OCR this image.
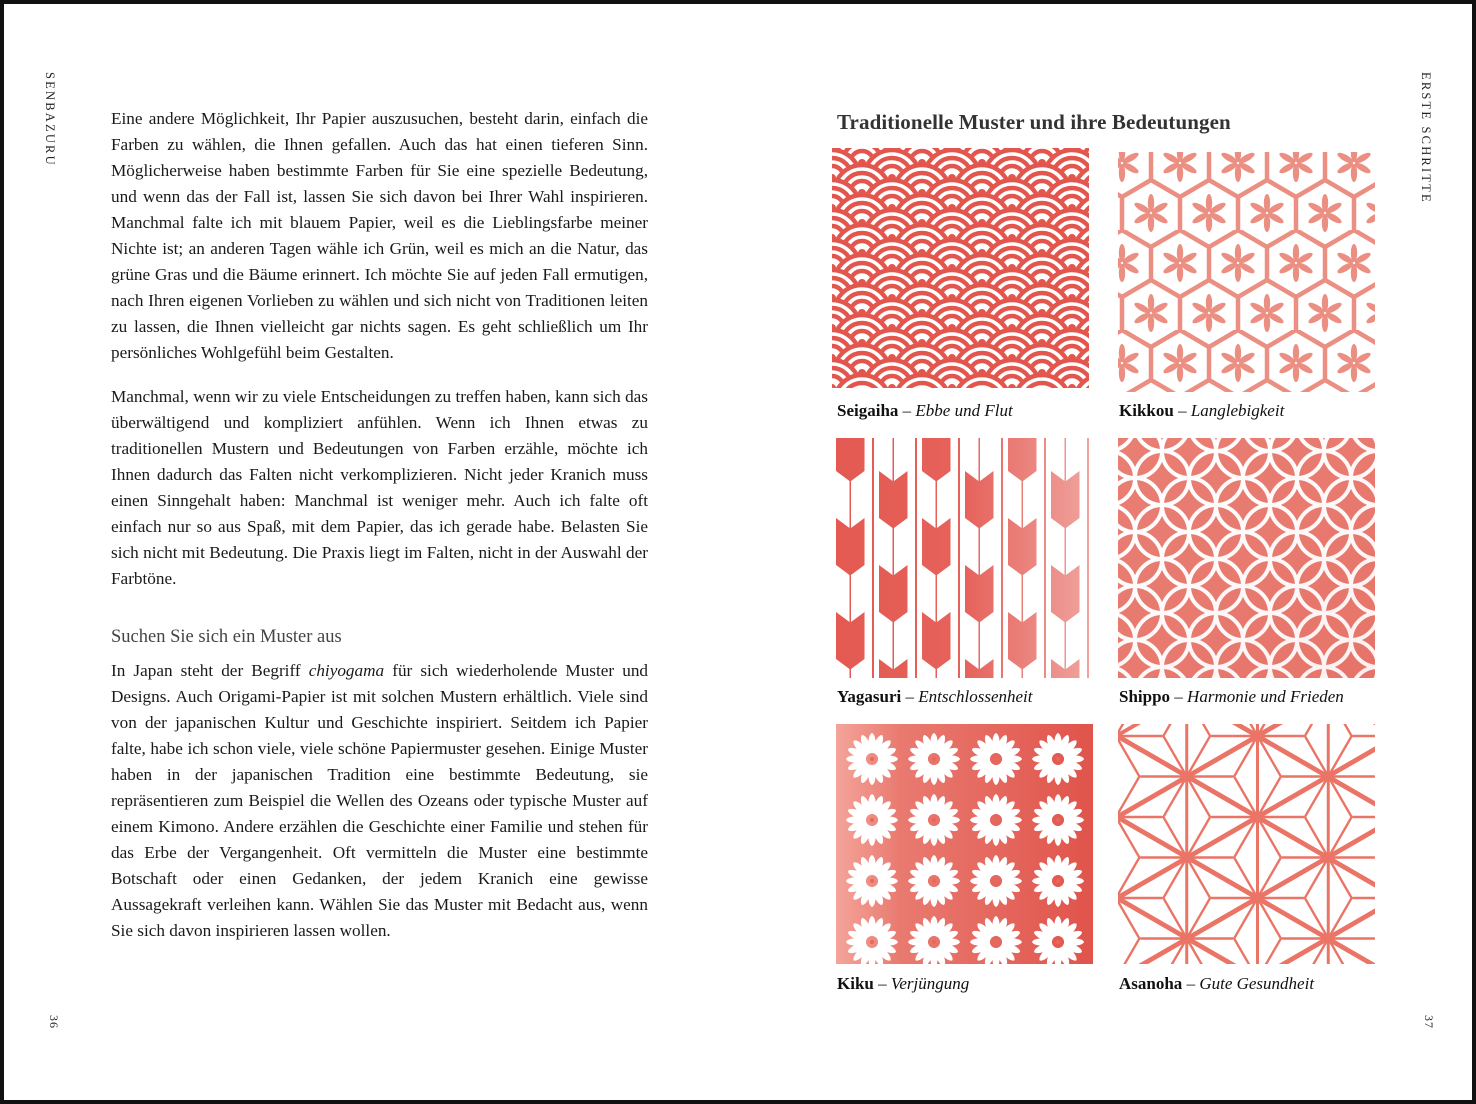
SENBAZURU
36

Eine andere Möglichkeit, Ihr Papier auszusuchen, besteht darin, einfach die Farben zu wählen, die Ihnen gefallen. Auch das hat einen tieferen Sinn. Möglicherweise haben bestimmte Farben für Sie eine spezielle Bedeutung, und wenn das der Fall ist, lassen Sie sich davon bei Ihrer Wahl inspirieren. Manchmal falte ich mit blauem Papier, weil es die Lieblingsfarbe meiner Nichte ist; an anderen Tagen wähle ich Grün, weil es mich an die Natur, das grüne Gras und die Bäume erinnert. Ich möchte Sie auf jeden Fall ermutigen, nach Ihren eigenen Vorlieben zu wählen und sich nicht von Traditionen leiten zu lassen, die Ihnen vielleicht gar nichts sagen. Es geht schließlich um Ihr persönliches Wohlgefühl beim Gestalten.

Manchmal, wenn wir zu viele Entscheidungen zu treffen haben, kann sich das überwältigend und kompliziert anfühlen. Wenn ich Ihnen etwas zu traditionellen Mustern und Bedeutungen von Farben erzähle, möchte ich Ihnen dadurch das Falten nicht verkomplizieren. Nicht jeder Kranich muss einen Sinngehalt haben: Manchmal ist weniger mehr. Auch ich falte oft einfach nur so aus Spaß, mit dem Papier, das ich gerade habe. Belasten Sie sich nicht mit Bedeutung. Die Praxis liegt im Falten, nicht in der Auswahl der Farbtöne.

Suchen Sie sich ein Muster aus

In Japan steht der Begriff chiyogama für sich wiederholende Muster und Designs. Auch Origami-Papier ist mit solchen Mustern erhältlich. Viele sind von der japanischen Kultur und Geschichte inspiriert. Seitdem ich Papier falte, habe ich schon viele, viele schöne Papiermuster gesehen. Einige Muster haben in der japanischen Tradition eine bestimmte Bedeutung, sie repräsentieren zum Beispiel die Wellen des Ozeans oder typische Muster auf einem Kimono. Andere erzählen die Geschichte einer Familie und stehen für das Erbe der Vergangenheit. Oft vermitteln die Muster eine bestimmte Botschaft oder einen Gedanken, der jedem Kranich eine gewisse Aussagekraft verleihen kann. Wählen Sie das Muster mit Bedacht aus, wenn Sie sich davon inspirieren lassen wollen.

ERSTE SCHRITTE
37
Traditionelle Muster und ihre Bedeutungen
Seigaiha – Ebbe und Flut	Kikkou – Langlebigkeit
Yagasuri – Entschlossenheit	Shippo – Harmonie und Frieden
Kiku – Verjüngung	Asanoha – Gute Gesundheit
